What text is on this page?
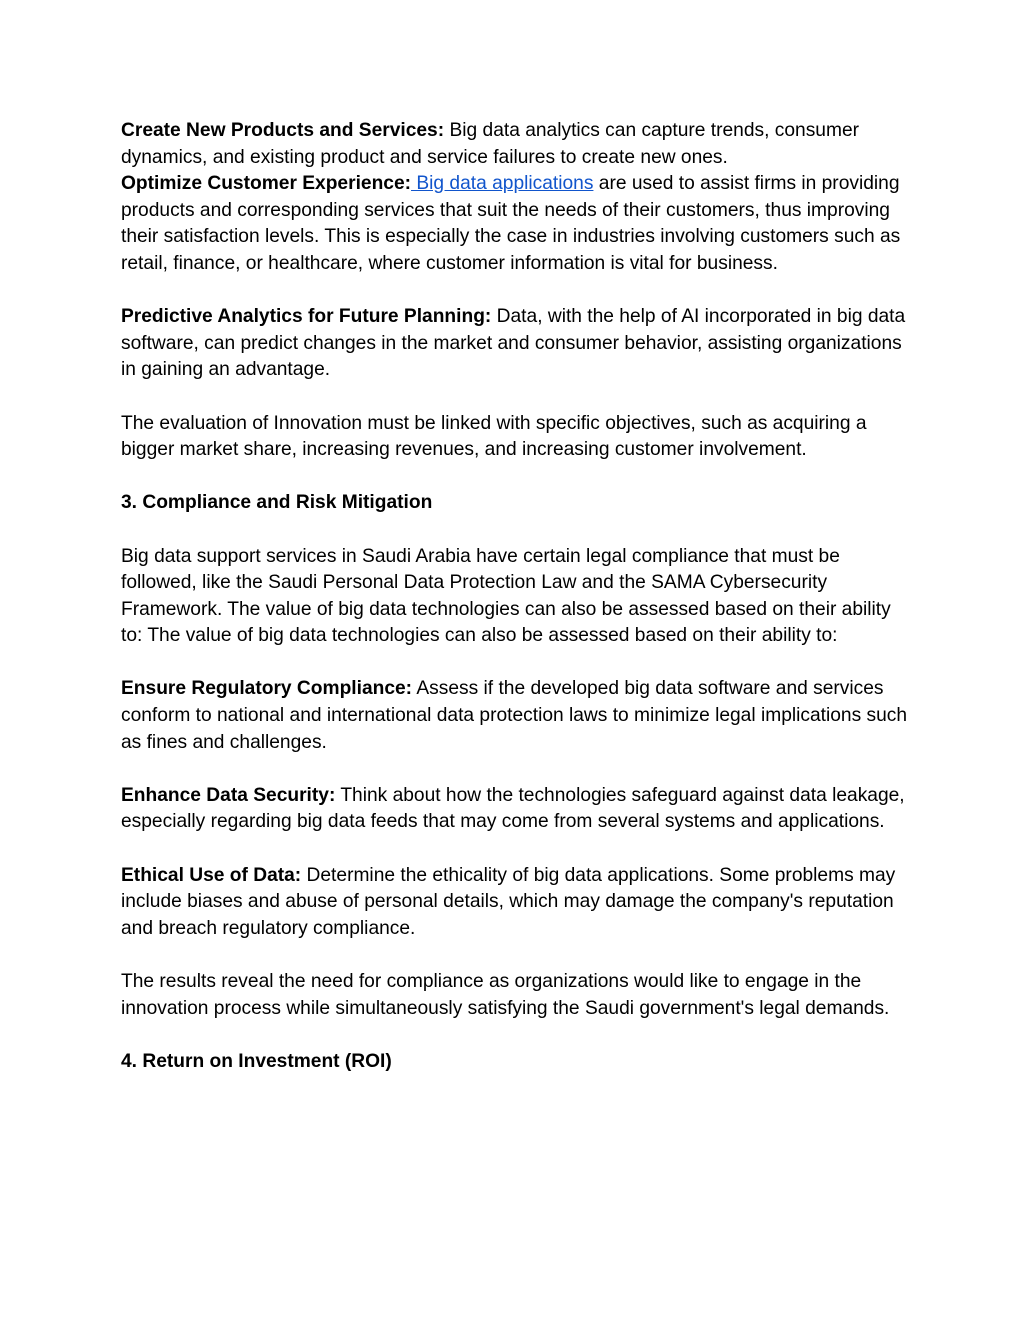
Create New Products and Services: Big data analytics can capture trends, consumer dynamics, and existing product and service failures to create new ones.

Optimize Customer Experience: Big data applications are used to assist firms in providing products and corresponding services that suit the needs of their customers, thus improving their satisfaction levels. This is especially the case in industries involving customers such as retail, finance, or healthcare, where customer information is vital for business.

Predictive Analytics for Future Planning: Data, with the help of AI incorporated in big data software, can predict changes in the market and consumer behavior, assisting organizations in gaining an advantage.

The evaluation of Innovation must be linked with specific objectives, such as acquiring a bigger market share, increasing revenues, and increasing customer involvement.

3. Compliance and Risk Mitigation

Big data support services in Saudi Arabia have certain legal compliance that must be followed, like the Saudi Personal Data Protection Law and the SAMA Cybersecurity Framework. The value of big data technologies can also be assessed based on their ability to: The value of big data technologies can also be assessed based on their ability to:

Ensure Regulatory Compliance: Assess if the developed big data software and services conform to national and international data protection laws to minimize legal implications such as fines and challenges.

Enhance Data Security: Think about how the technologies safeguard against data leakage, especially regarding big data feeds that may come from several systems and applications.

Ethical Use of Data: Determine the ethicality of big data applications. Some problems may include biases and abuse of personal details, which may damage the company's reputation and breach regulatory compliance.

The results reveal the need for compliance as organizations would like to engage in the innovation process while simultaneously satisfying the Saudi government's legal demands.

4. Return on Investment (ROI)
